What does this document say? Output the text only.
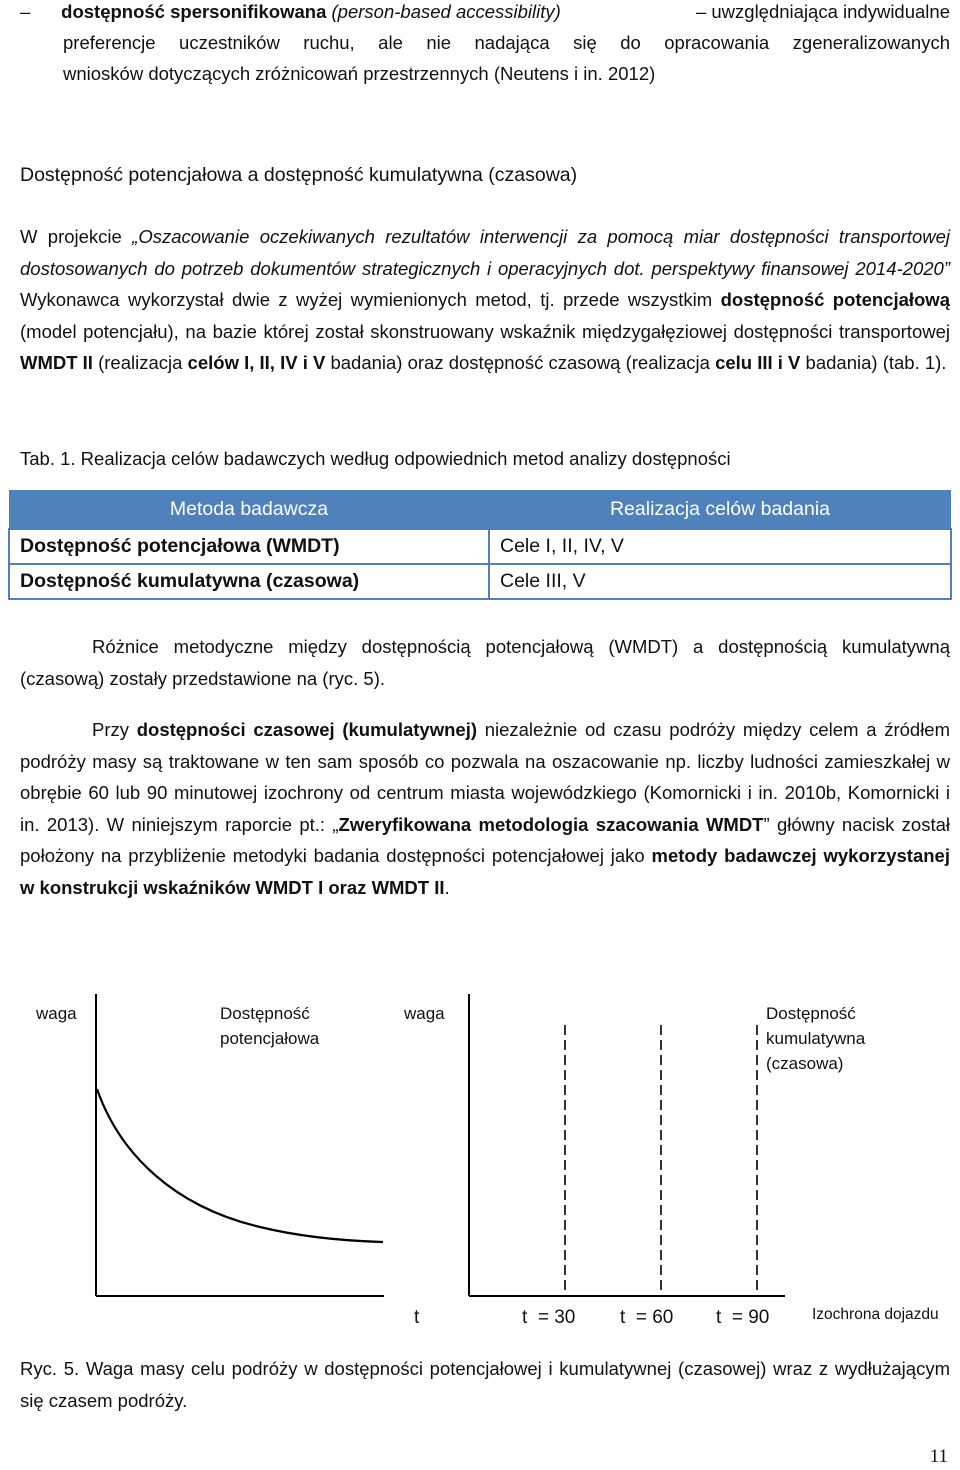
– dostępność spersonifikowana (person-based accessibility)	– uwzględniająca indywidualne
preferencje uczestników ruchu, ale nie nadająca się do opracowania zgeneralizowanych
wniosków dotyczących zróżnicowań przestrzennych (Neutens i in. 2012)
Dostępność potencjałowa a dostępność kumulatywna (czasowa)
W projekcie „Oszacowanie oczekiwanych rezultatów interwencji za pomocą miar dostępności transportowej dostosowanych do potrzeb dokumentów strategicznych i operacyjnych dot. perspektywy finansowej 2014-2020” Wykonawca wykorzystał dwie z wyżej wymienionych metod, tj. przede wszystkim dostępność potencjałową (model potencjału), na bazie której został skonstruowany wskaźnik międzygałęziowej dostępności transportowej WMDT II (realizacja celów I, II, IV i V badania) oraz dostępność czasową (realizacja celu III i V badania) (tab. 1).
Tab. 1. Realizacja celów badawczych według odpowiednich metod analizy dostępności
Metoda badawcza	Realizacja celów badania
Dostępność potencjałowa (WMDT)	Cele I, II, IV, V
Dostępność kumulatywna (czasowa)	Cele III, V
Różnice metodyczne między dostępnością potencjałową (WMDT) a dostępnością kumulatywną (czasową) zostały przedstawione na (ryc. 5).
Przy dostępności czasowej (kumulatywnej) niezależnie od czasu podróży między celem a źródłem podróży masy są traktowane w ten sam sposób co pozwala na oszacowanie np. liczby ludności zamieszkałej w obrębie 60 lub 90 minutowej izochrony od centrum miasta wojewódzkiego (Komornicki i in. 2010b, Komornicki i in. 2013). W niniejszym raporcie pt.: „Zweryfikowana metodologia szacowania WMDT” główny nacisk został położony na przybliżenie metodyki badania dostępności potencjałowej jako metody badawczej wykorzystanej w konstrukcji wskaźników WMDT I oraz WMDT II.
waga	Dostępność potencjałowa
waga	Dostępność kumulatywna (czasowa)
t	t  = 30 t  = 60 t  = 90	Izochrona dojazdu
Ryc. 5. Waga masy celu podróży w dostępności potencjałowej i kumulatywnej (czasowej) wraz z wydłużającym się czasem podróży.
11
